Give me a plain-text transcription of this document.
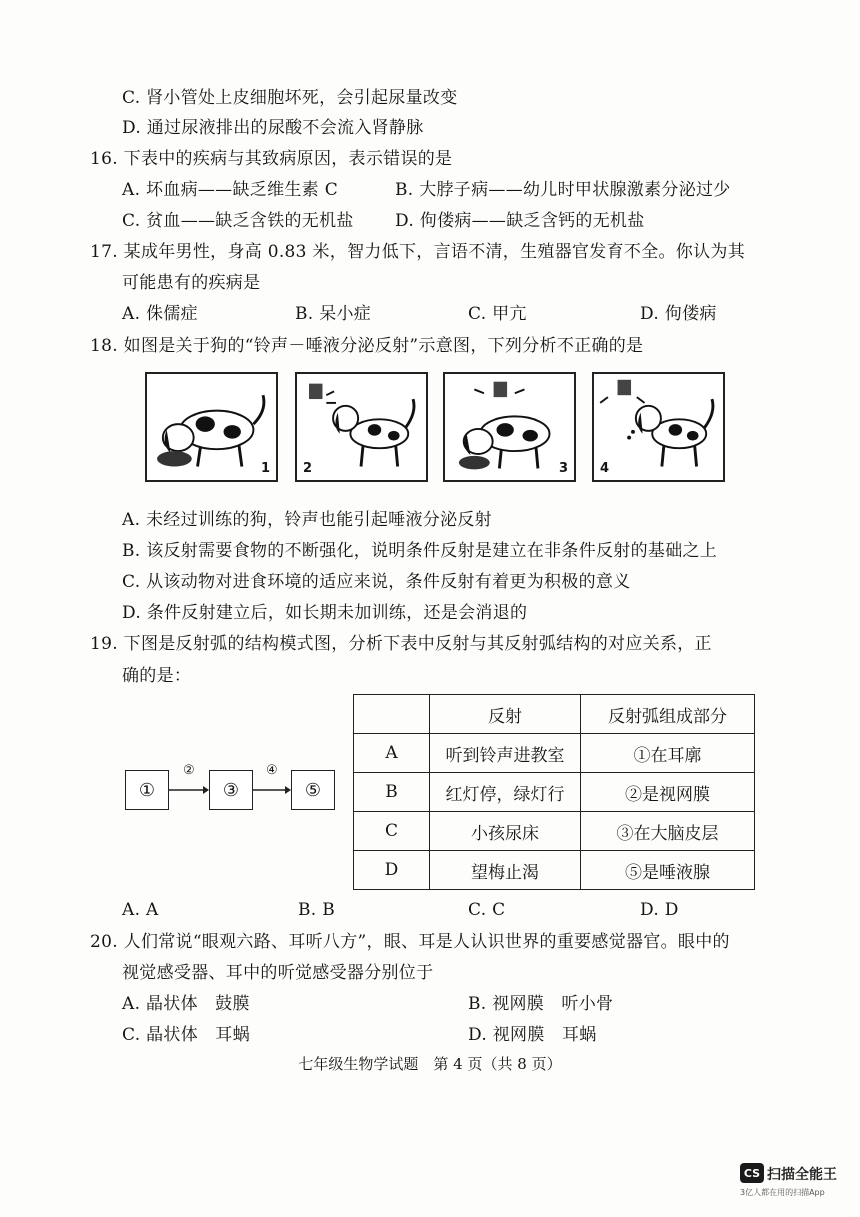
C. 肾小管处上皮细胞坏死，会引起尿量改变
D. 通过尿液排出的尿酸不会流入肾静脉
16. 下表中的疾病与其致病原因，表示错误的是
A. 坏血病——缺乏维生素 C	B. 大脖子病——幼儿时甲状腺激素分泌过少
C. 贫血——缺乏含铁的无机盐 D. 佝偻病——缺乏含钙的无机盐
17. 某成年男性，身高 0.83 米，智力低下，言语不清，生殖器官发育不全。你认为其
可能患有的疾病是
A. 侏儒症	B. 呆小症	C. 甲亢	D. 佝偻病
18. 如图是关于狗的“铃声－唾液分泌反射”示意图，下列分析不正确的是
1	2	3 4
A. 未经过训练的狗，铃声也能引起唾液分泌反射
B. 该反射需要食物的不断强化，说明条件反射是建立在非条件反射的基础之上
C. 从该动物对进食环境的适应来说，条件反射有着更为积极的意义
D. 条件反射建立后，如长期未加训练，还是会消退的
19. 下图是反射弧的结构模式图，分析下表中反射与其反射弧结构的对应关系，正
确的是：
①	③	⑤
②	④
	反射	反射弧组成部分
A	听到铃声进教室	①在耳廓
B	红灯停，绿灯行	②是视网膜
C	小孩尿床	③在大脑皮层
D	望梅止渴	⑤是唾液腺
A. A	B. B	C. C	D. D
20. 人们常说“眼观六路、耳听八方”，眼、耳是人认识世界的重要感觉器官。眼中的
视觉感受器、耳中的听觉感受器分别位于
A. 晶状体　鼓膜	B. 视网膜　听小骨
C. 晶状体　耳蜗	D. 视网膜　耳蜗
七年级生物学试题　第 4 页（共 8 页）
CS 扫描全能王
3亿人都在用的扫描App
